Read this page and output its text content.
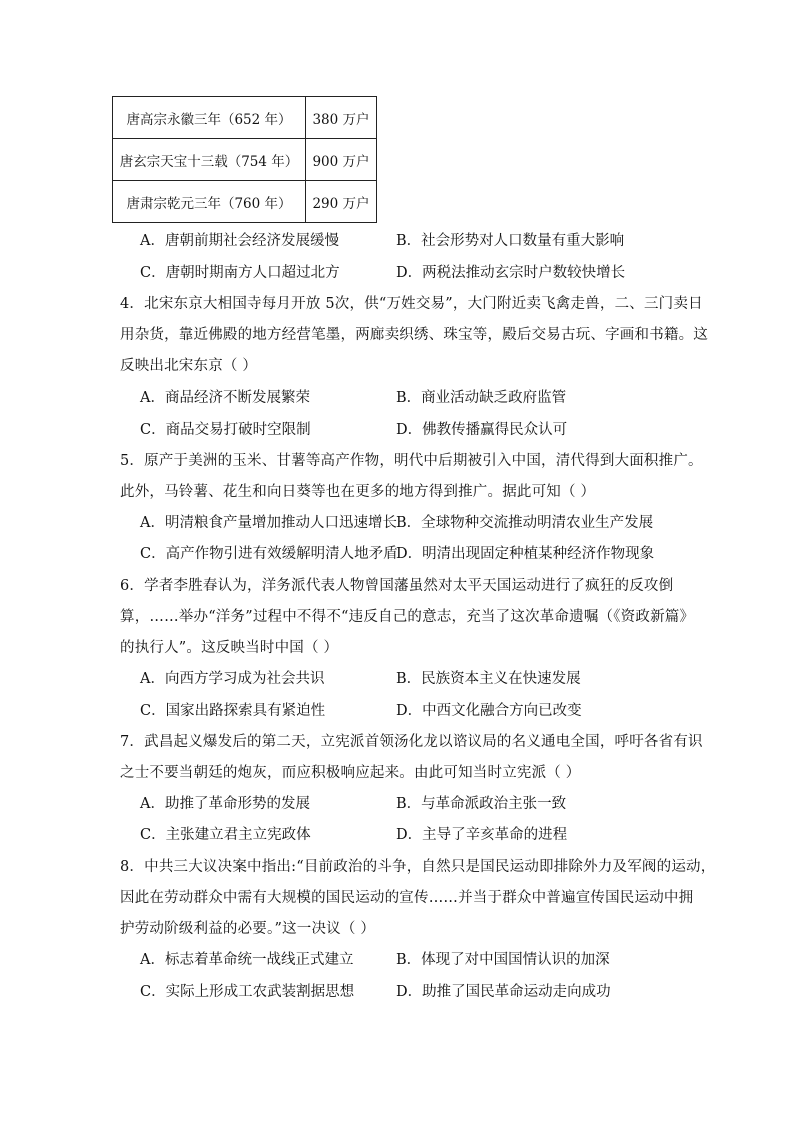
唐高宗永徽三年（652 年）	380 万户
唐玄宗天宝十三载（754 年）	900 万户
唐肃宗乾元三年（760 年）	290 万户
A．唐朝前期社会经济发展缓慢	B．社会形势对人口数量有重大影响
C．唐朝时期南方人口超过北方	D．两税法推动玄宗时户数较快增长
4．北宋东京大相国寺每月开放 5次，供“万姓交易”，大门附近卖飞禽走兽，二、三门卖日
用杂货，靠近佛殿的地方经营笔墨，两廊卖织绣、珠宝等，殿后交易古玩、字画和书籍。这
反映出北宋东京（ ）
A．商品经济不断发展繁荣	B．商业活动缺乏政府监管
C．商品交易打破时空限制	D．佛教传播赢得民众认可
5．原产于美洲的玉米、甘薯等高产作物，明代中后期被引入中国，清代得到大面积推广。
此外，马铃薯、花生和向日葵等也在更多的地方得到推广。据此可知（ ）
A．明清粮食产量增加推动人口迅速增长 B．全球物种交流推动明清农业生产发展
C．高产作物引进有效缓解明清人地矛盾
D．明清出现固定种植某种经济作物现象
6．学者李胜春认为，洋务派代表人物曾国藩虽然对太平天国运动进行了疯狂的反攻倒
算，……举办“洋务”过程中不得不“违反自己的意志，充当了这次革命遗嘱（《资政新篇》
的执行人”。这反映当时中国（ ）
A．向西方学习成为社会共识	B．民族资本主义在快速发展
C．国家出路探索具有紧迫性	D．中西文化融合方向已改变
7．武昌起义爆发后的第二天，立宪派首领汤化龙以谘议局的名义通电全国，呼吁各省有识
之士不要当朝廷的炮灰，而应积极响应起来。由此可知当时立宪派（ ）
A．助推了革命形势的发展	B．与革命派政治主张一致
C．主张建立君主立宪政体	D．主导了辛亥革命的进程
8．中共三大议决案中指出:“目前政治的斗争，自然只是国民运动即排除外力及军阀的运动，
因此在劳动群众中需有大规模的国民运动的宣传……并当于群众中普遍宣传国民运动中拥
护劳动阶级利益的必要。”这一决议（ ）
A．标志着革命统一战线正式建立	B．体现了对中国国情认识的加深
C．实际上形成工农武装割据思想	D．助推了国民革命运动走向成功
